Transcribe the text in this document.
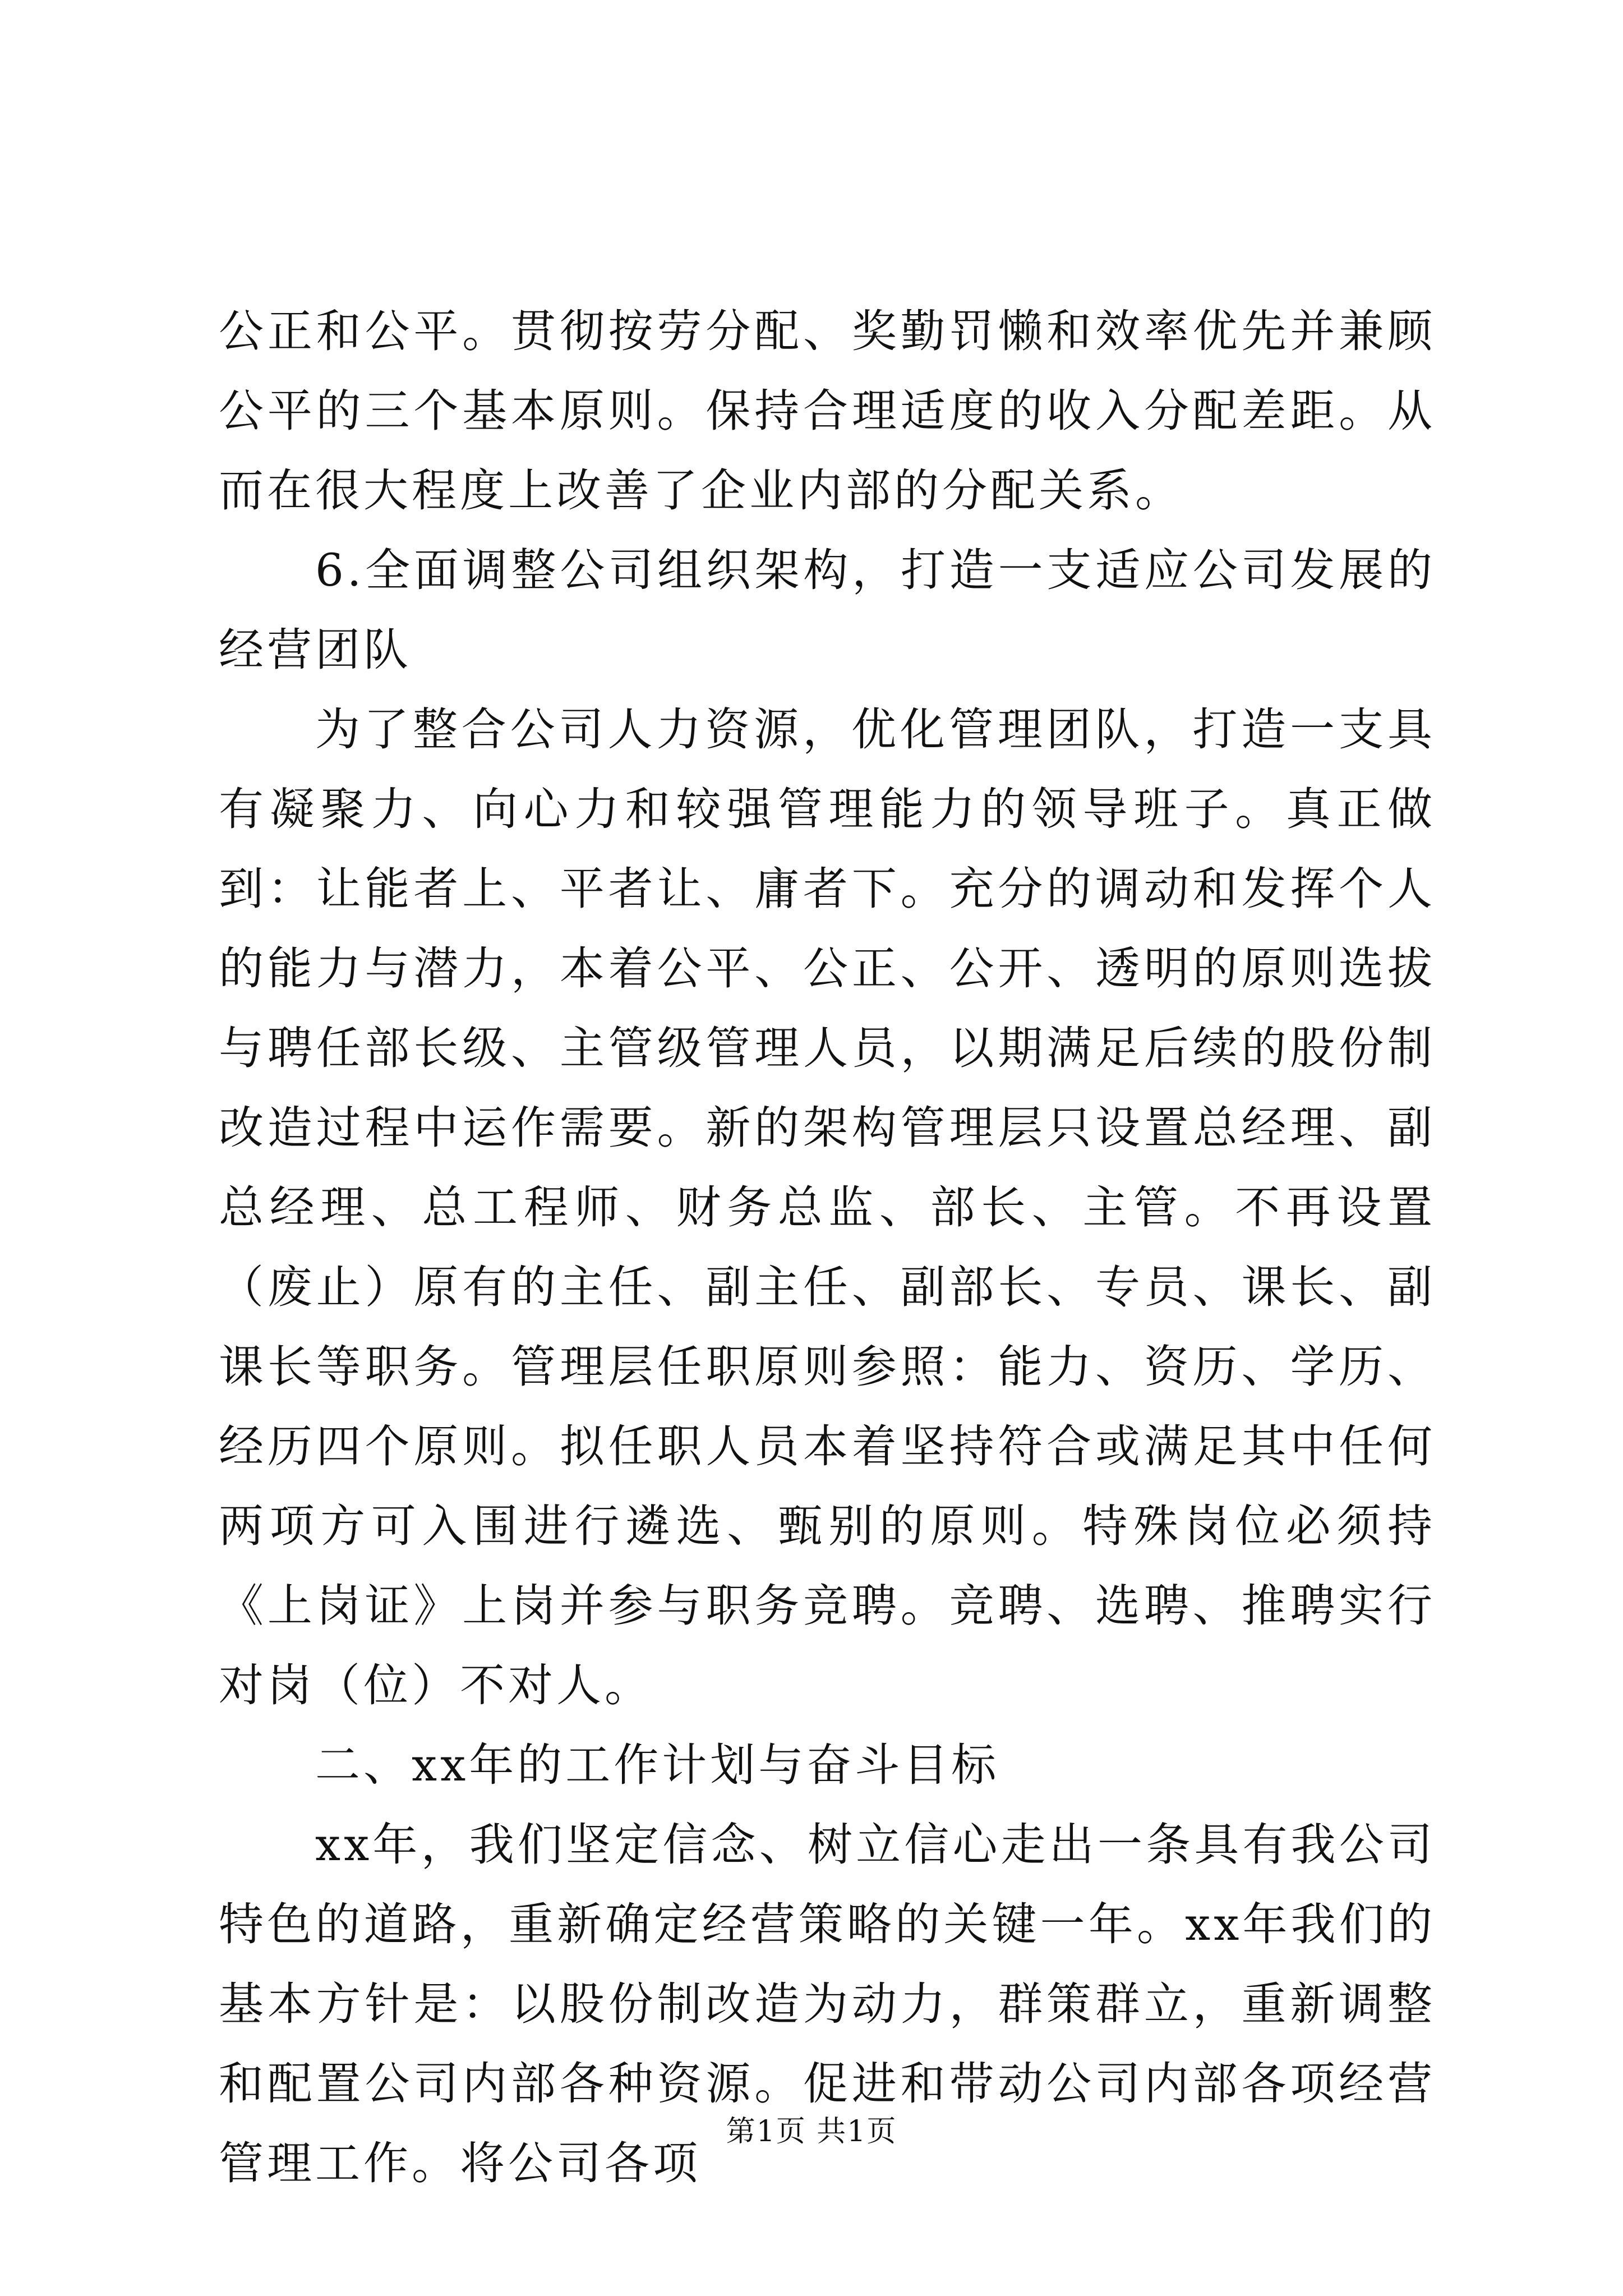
公正和公平。贯彻按劳分配、奖勤罚懒和效率优先并兼顾公平的三个基本原则。保持合理适度的收入分配差距。从而在很大程度上改善了企业内部的分配关系。

6.全面调整公司组织架构，打造一支适应公司发展的经营团队

为了整合公司人力资源，优化管理团队，打造一支具有凝聚力、向心力和较强管理能力的领导班子。真正做到：让能者上、平者让、庸者下。充分的调动和发挥个人的能力与潜力，本着公平、公正、公开、透明的原则选拔与聘任部长级、主管级管理人员，以期满足后续的股份制改造过程中运作需要。新的架构管理层只设置总经理、副总经理、总工程师、财务总监、部长、主管。不再设置（废止）原有的主任、副主任、副部长、专员、课长、副课长等职务。管理层任职原则参照：能力、资历、学历、经历四个原则。拟任职人员本着坚持符合或满足其中任何两项方可入围进行遴选、甄别的原则。特殊岗位必须持《上岗证》上岗并参与职务竞聘。竞聘、选聘、推聘实行对岗（位）不对人。

二、xx年的工作计划与奋斗目标

xx年，我们坚定信念、树立信心走出一条具有我公司特色的道路，重新确定经营策略的关键一年。xx年我们的基本方针是：以股份制改造为动力，群策群立，重新调整和配置公司内部各种资源。促进和带动公司内部各项经营管理工作。将公司各项

第1页 共1页
